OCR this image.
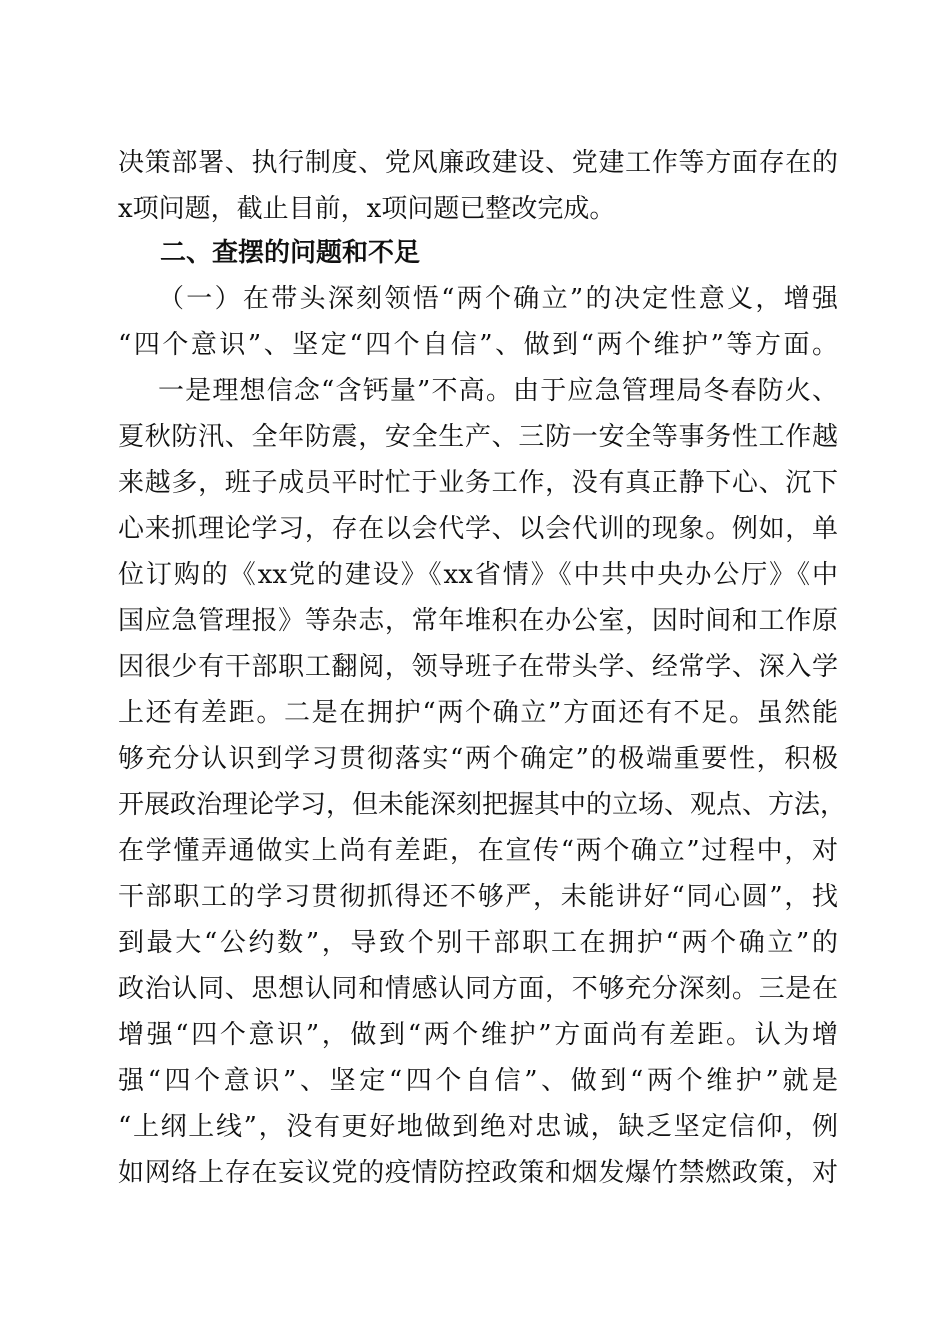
决策部署、执行制度、党风廉政建设、党建工作等方面存在的
x项问题，截止目前，x项问题已整改完成。
二、查摆的问题和不足
（一）在带头深刻领悟“两个确立”的决定性意义，增强
“四个意识”、坚定“四个自信”、做到“两个维护”等方面。
一是理想信念“含钙量”不高。由于应急管理局冬春防火、
夏秋防汛、全年防震，安全生产、三防一安全等事务性工作越
来越多，班子成员平时忙于业务工作，没有真正静下心、沉下
心来抓理论学习，存在以会代学、以会代训的现象。例如，单
位订购的《xx党的建设》《xx省情》《中共中央办公厅》《中
国应急管理报》等杂志，常年堆积在办公室，因时间和工作原
因很少有干部职工翻阅，领导班子在带头学、经常学、深入学
上还有差距。二是在拥护“两个确立”方面还有不足。虽然能
够充分认识到学习贯彻落实“两个确定”的极端重要性，积极
开展政治理论学习，但未能深刻把握其中的立场、观点、方法，
在学懂弄通做实上尚有差距，在宣传“两个确立”过程中，对
干部职工的学习贯彻抓得还不够严，未能讲好“同心圆”，找
到最大“公约数”，导致个别干部职工在拥护“两个确立”的
政治认同、思想认同和情感认同方面，不够充分深刻。三是在
增强“四个意识”，做到“两个维护”方面尚有差距。认为增
强“四个意识”、坚定“四个自信”、做到“两个维护”就是
“上纲上线”，没有更好地做到绝对忠诚，缺乏坚定信仰，例
如网络上存在妄议党的疫情防控政策和烟发爆竹禁燃政策，对
